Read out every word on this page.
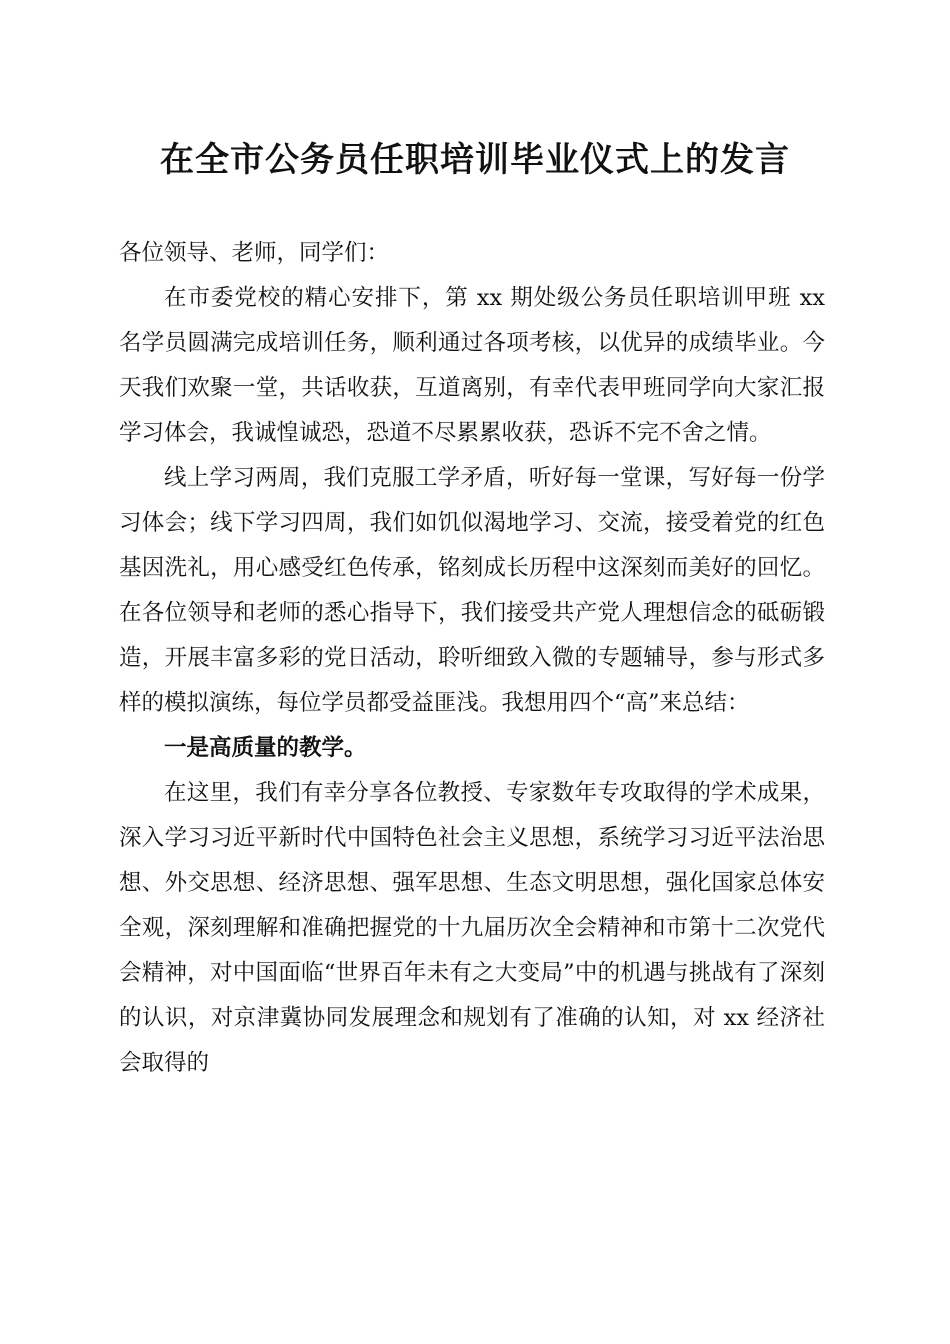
在全市公务员任职培训毕业仪式上的发言

各位领导、老师，同学们：

在市委党校的精心安排下，第 xx 期处级公务员任职培训甲班 xx 名学员圆满完成培训任务，顺利通过各项考核，以优异的成绩毕业。今天我们欢聚一堂，共话收获，互道离别，有幸代表甲班同学向大家汇报学习体会，我诚惶诚恐，恐道不尽累累收获，恐诉不完不舍之情。

线上学习两周，我们克服工学矛盾，听好每一堂课，写好每一份学习体会；线下学习四周，我们如饥似渴地学习、交流，接受着党的红色基因洗礼，用心感受红色传承，铭刻成长历程中这深刻而美好的回忆。在各位领导和老师的悉心指导下，我们接受共产党人理想信念的砥砺锻造，开展丰富多彩的党日活动，聆听细致入微的专题辅导，参与形式多样的模拟演练，每位学员都受益匪浅。我想用四个“高”来总结：

一是高质量的教学。

在这里，我们有幸分享各位教授、专家数年专攻取得的学术成果，深入学习习近平新时代中国特色社会主义思想，系统学习习近平法治思想、外交思想、经济思想、强军思想、生态文明思想，强化国家总体安全观，深刻理解和准确把握党的十九届历次全会精神和市第十二次党代会精神，对中国面临“世界百年未有之大变局”中的机遇与挑战有了深刻的认识，对京津冀协同发展理念和规划有了准确的认知，对 xx 经济社会取得的
